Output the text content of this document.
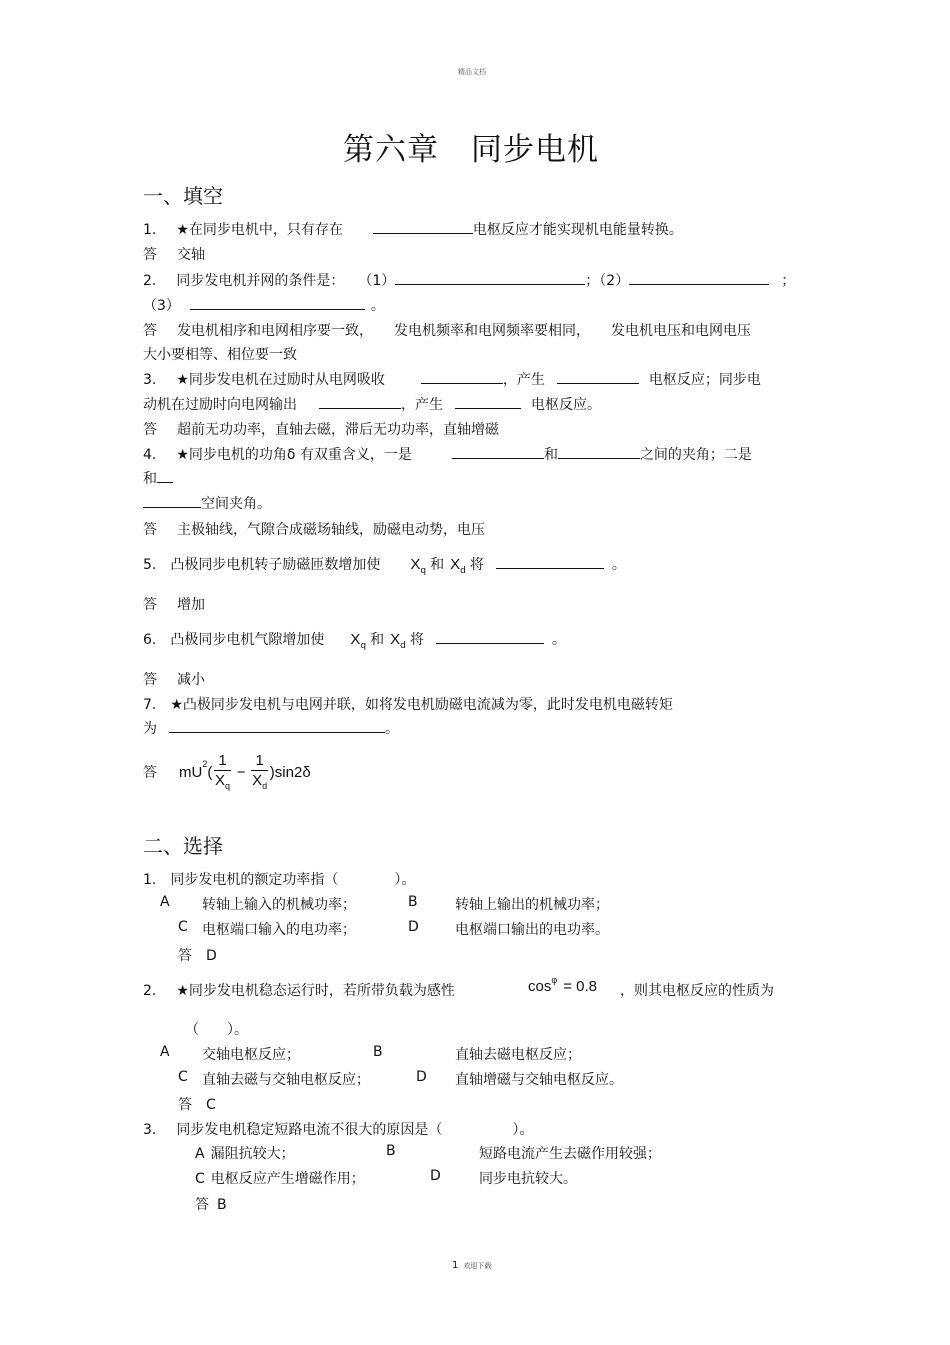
精品文档
第六章　同步电机
一、填空
1. ★在同步电机中，只有存在	电枢反应才能实现机电能量转换。
答 交轴
2. 同步发电机并网的条件是： （1）	；（2）	；
（3）	。
答 发电机相序和电网相序要一致，　　发电机频率和电网频率要相同，　　发电机电压和电网电压
大小要相等、相位要一致
3. ★同步发电机在过励时从电网吸收	，产生	电枢反应；同步电
动机在过励时向电网输出	，产生	电枢反应。
答 超前无功功率，直轴去磁，滞后无功功率，直轴增磁
4. ★同步电机的功角δ 有双重含义，一是	和	之间的夹角；二是
和
空间夹角。
答 主极轴线，气隙合成磁场轴线，励磁电动势，电压
5. 凸极同步电机转子励磁匝数增加使 $X_q$ 和 $X_d$ 将	。
答 增加
6. 凸极同步电机气隙增加使 $X_q$ 和 $X_d$ 将	。
答 减小
7. ★凸极同步发电机与电网并联，如将发电机励磁电流减为零，此时发电机电磁转矩
为	。
答 mU 2 ( $\frac{1}{X_q} - \frac{1}{X_d} )\sin 2$ δ
二、选择
1. 同步发电机的额定功率指（　　　　）。
A 转轴上输入的机械功率；	B	转轴上输出的机械功率；
C 电枢端口输入的电功率；	D	电枢端口输出的电功率。
答 D
2. ★同步发电机稳态运行时，若所带负载为感性	$\cos^\varphi = 0.8$ ，则其电枢反应的性质为
（　　）。
A 交轴电枢反应；	B	直轴去磁电枢反应；
C 直轴去磁与交轴电枢反应；	D 直轴增磁与交轴电枢反应。
答 C
3. 同步发电机稳定短路电流不很大的原因是（　　　　　）。
A 漏阻抗较大；	B	短路电流产生去磁作用较强；
C 电枢反应产生增磁作用；	D	同步电抗较大。
答 B
1 欢迎下载
